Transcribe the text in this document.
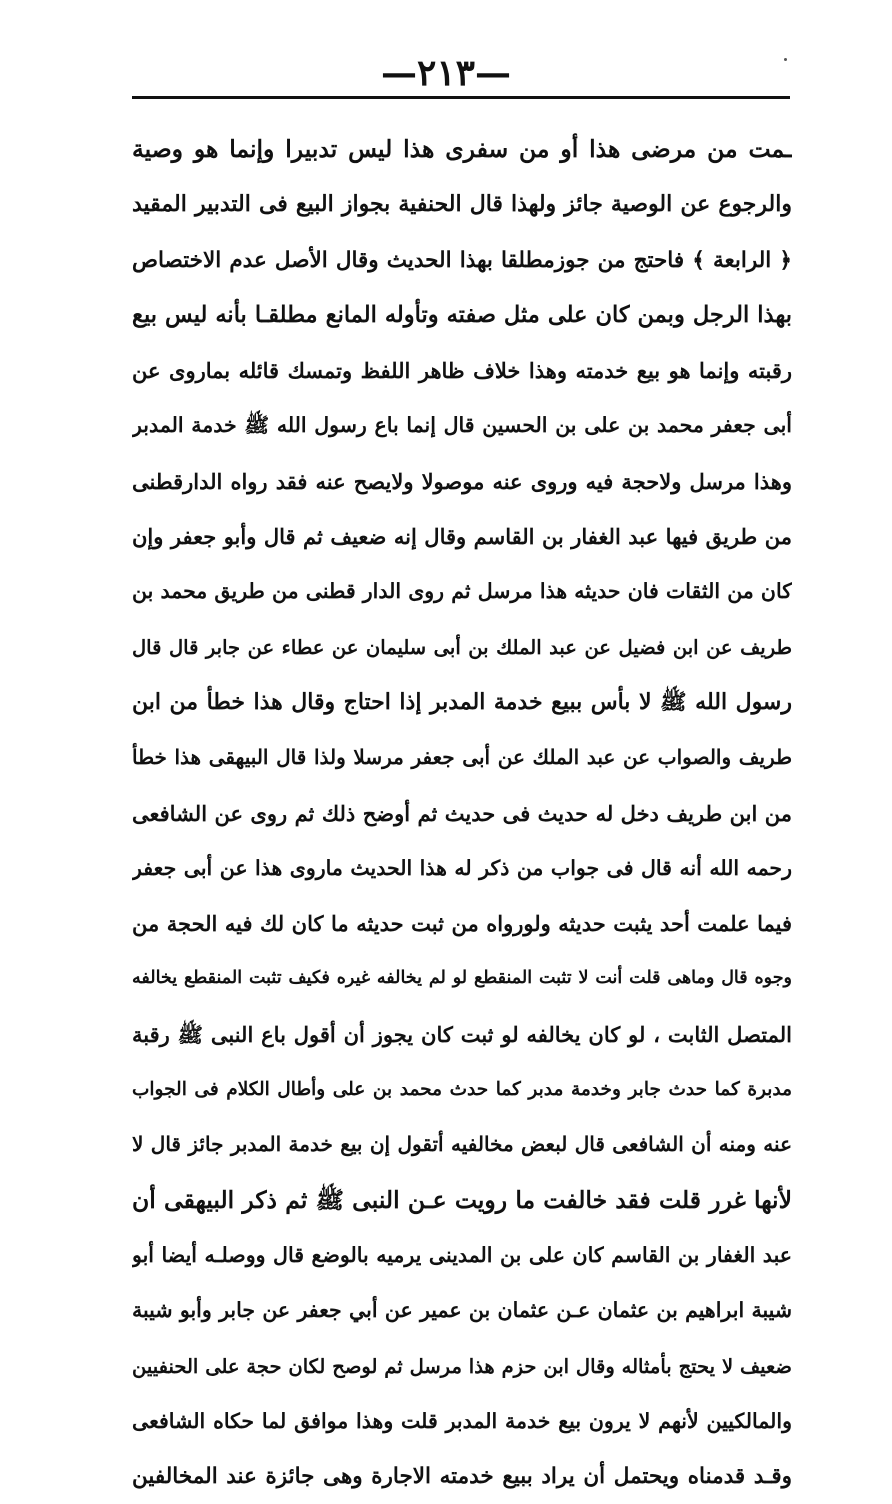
—٢١٣—
ـمت من مرضى هذا أو من سفرى هذا ليس تدبيرا وإنما هو وصية
والرجوع عن الوصية جائز ولهذا قال الحنفية بجواز البيع فى التدبير المقيد
﴿ الرابعة ﴾ فاحتج من جوزمطلقا بهذا الحديث وقال الأصل عدم الاختصاص
بهذا الرجل وبمن كان على مثل صفته وتأوله المانع مطلقـا بأنه ليس بيع
رقبته وإنما هو بيع خدمته وهذا خلاف ظاهر اللفظ وتمسك قائله بماروى عن
أبى جعفر محمد بن على بن الحسين قال إنما باع رسول الله ﷺ خدمة المدبر
وهذا مرسل ولاحجة فيه وروى عنه موصولا ولايصح عنه فقد رواه الدارقطنى
من طريق فيها عبد الغفار بن القاسم وقال إنه ضعيف ثم قال وأبو جعفر وإن
كان من الثقات فان حديثه هذا مرسل ثم روى الدار قطنى من طريق محمد بن
طريف عن ابن فضيل عن عبد الملك بن أبى سليمان عن عطاء عن جابر قال قال
رسول الله ﷺ لا بأس ببيع خدمة المدبر إذا احتاج وقال هذا خطأ من ابن
طريف والصواب عن عبد الملك عن أبى جعفر مرسلا ولذا قال البيهقى هذا خطأ
من ابن طريف دخل له حديث فى حديث ثم أوضح ذلك ثم روى عن الشافعى
رحمه الله أنه قال فى جواب من ذكر له هذا الحديث ماروى هذا عن أبى جعفر
فيما علمت أحد يثبت حديثه ولورواه من ثبت حديثه ما كان لك فيه الحجة من
وجوه قال وماهى قلت أنت لا تثبت المنقطع لو لم يخالفه غيره فكيف تثبت المنقطع يخالفه
المتصل الثابت ، لو كان يخالفه لو ثبت كان يجوز أن أقول باع النبى ﷺ رقبة
مدبرة كما حدث جابر وخدمة مدبر كما حدث محمد بن على وأطال الكلام فى الجواب
عنه ومنه أن الشافعى قال لبعض مخالفيه أتقول إن بيع خدمة المدبر جائز قال لا
لأنها غرر قلت فقد خالفت ما رويت عـن النبى ﷺ ثم ذكر البيهقى أن
عبد الغفار بن القاسم كان على بن المدينى يرميه بالوضع قال ووصلـه أيضا أبو
شيبة ابراهيم بن عثمان عـن عثمان بن عمير عن أبي جعفر عن جابر وأبو شيبة
ضعيف لا يحتج بأمثاله وقال ابن حزم هذا مرسل ثم لوصح لكان حجة على الحنفيين
والمالكيين لأنهم لا يرون بيع خدمة المدبر قلت وهذا موافق لما حكاه الشافعى
وقـد قدمناه ويحتمل أن يراد ببيع خدمته الاجارة وهى جائزة عند المخالفين
